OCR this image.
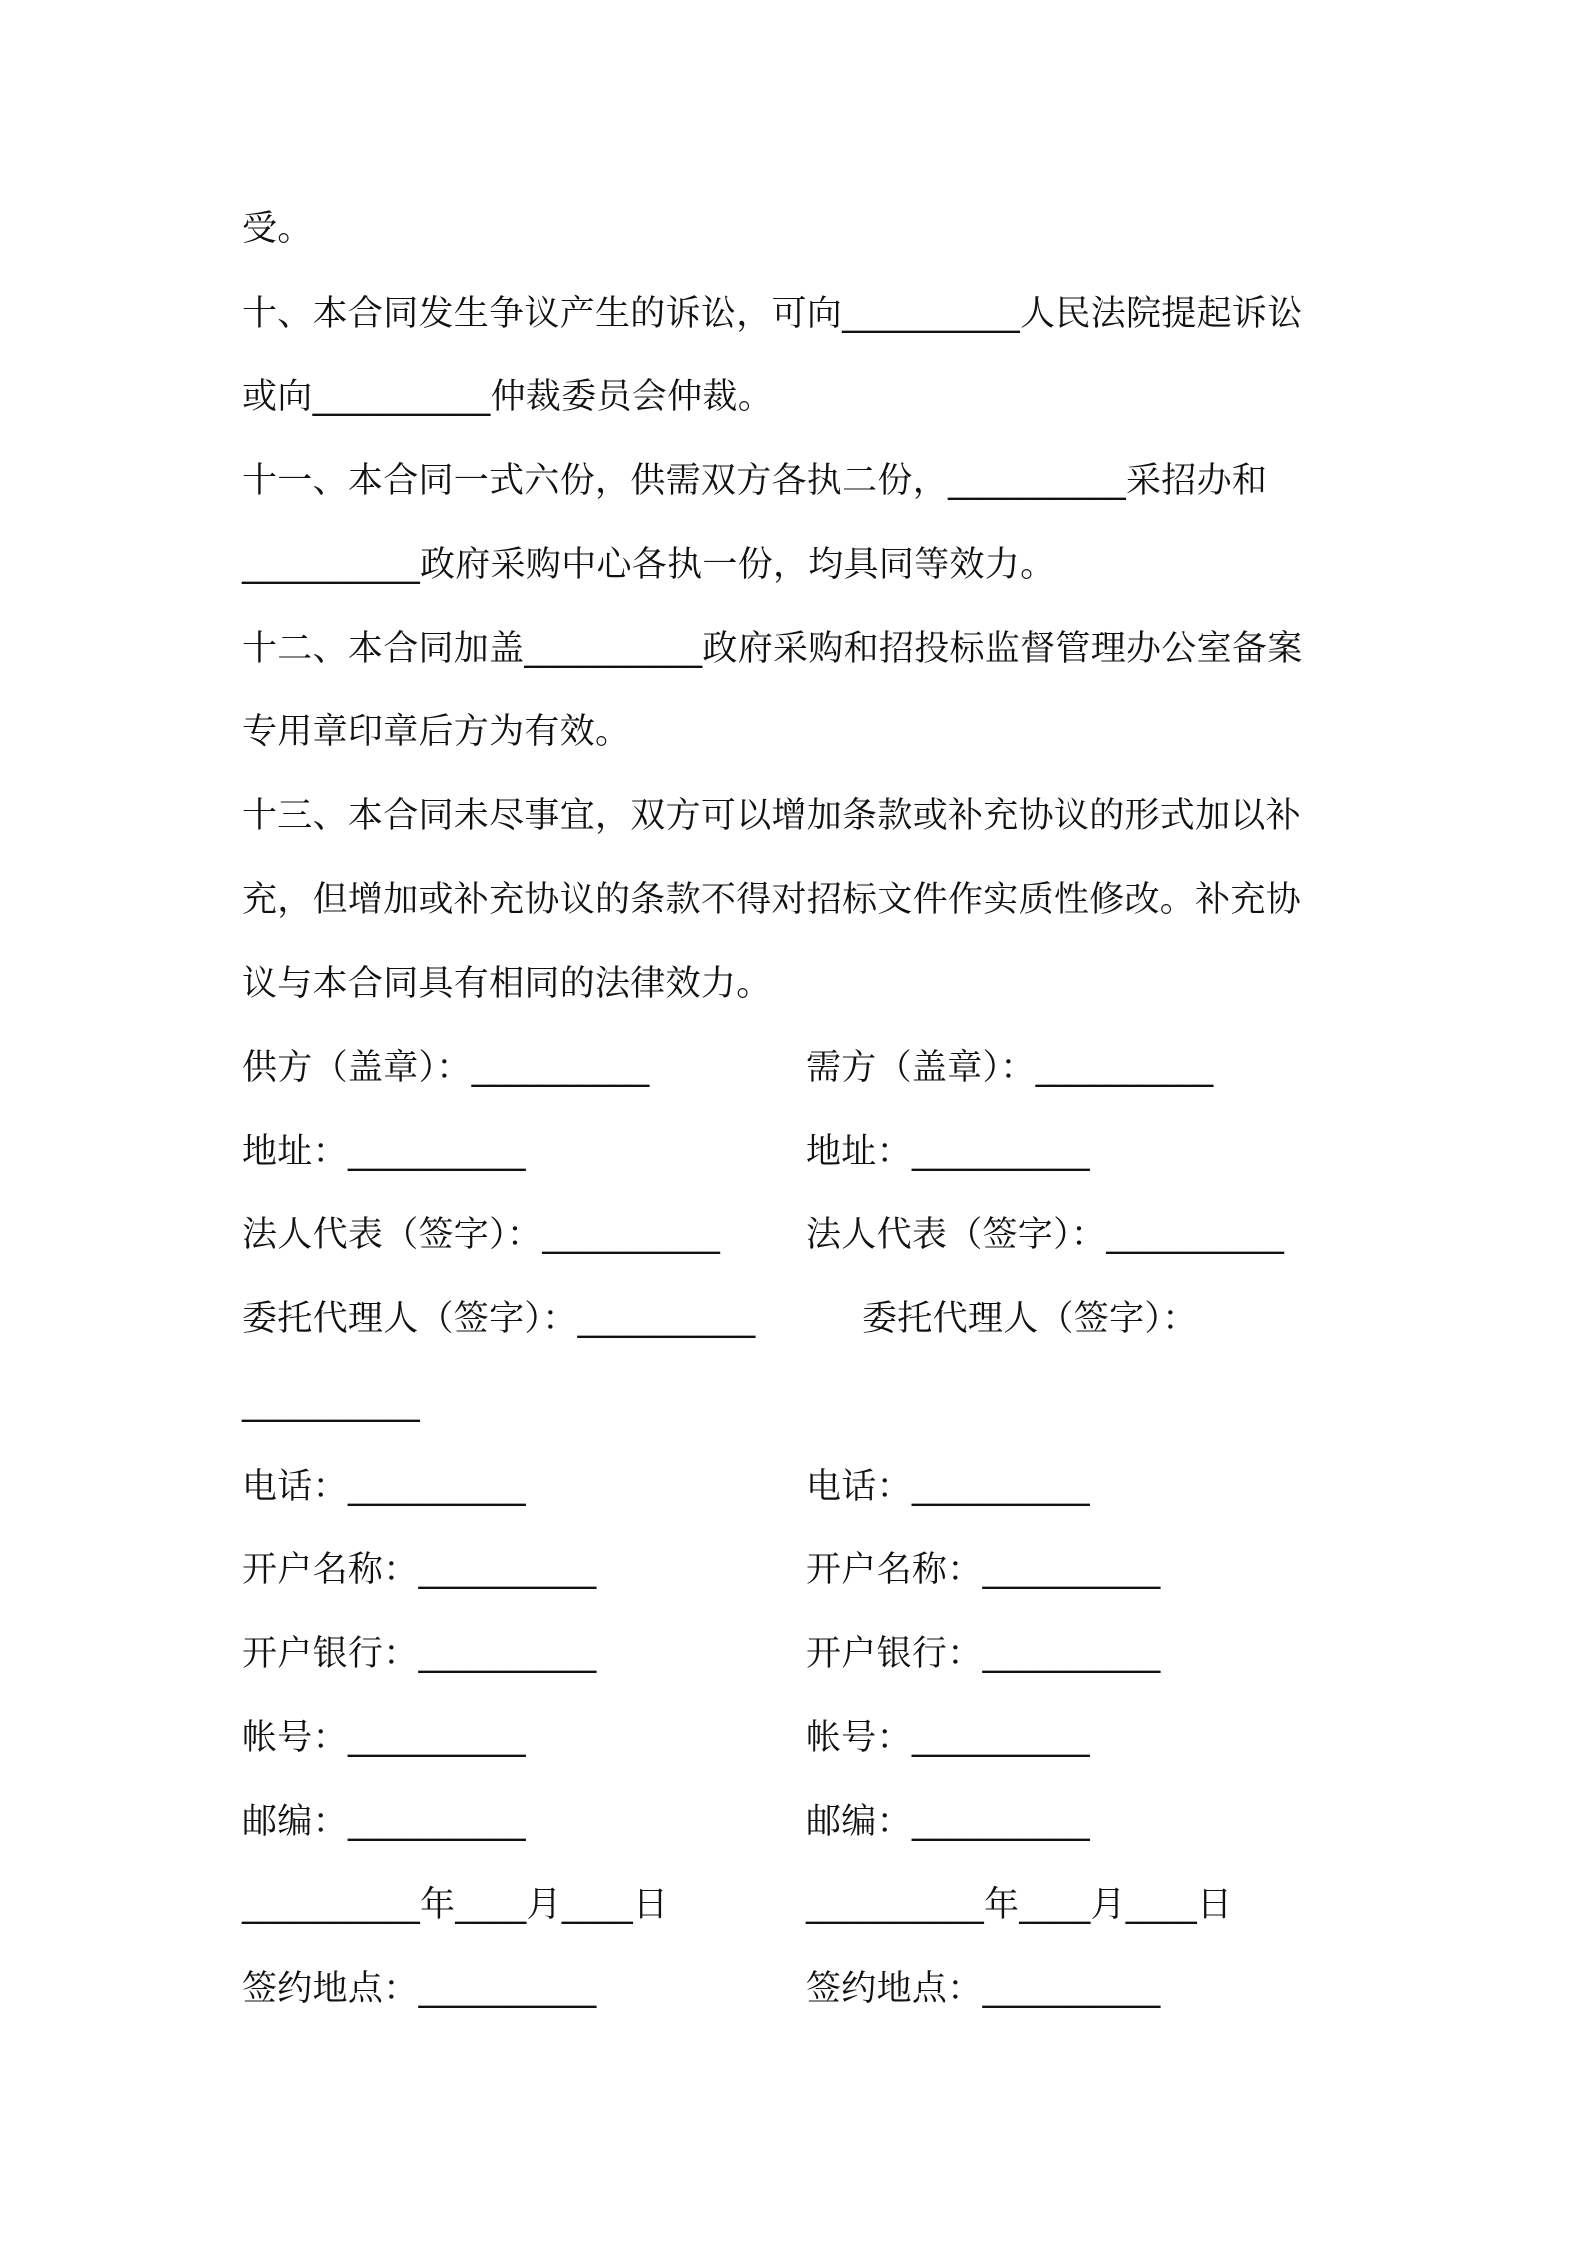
受。
十、本合同发生争议产生的诉讼，可向__________人民法院提起诉讼
或向__________仲裁委员会仲裁。
十一、本合同一式六份，供需双方各执二份，__________采招办和
__________政府采购中心各执一份，均具同等效力。
十二、本合同加盖__________政府采购和招投标监督管理办公室备案
专用章印章后方为有效。
十三、本合同未尽事宜，双方可以增加条款或补充协议的形式加以补
充，但增加或补充协议的条款不得对招标文件作实质性修改。补充协
议与本合同具有相同的法律效力。
供方（盖章）：__________	需方（盖章）：__________
地址：__________	地址：__________
法人代表（签字）：__________ 法人代表（签字）：__________
委托代理人（签字）：__________	委托代理人（签字）：
__________
电话：__________	电话：__________
开户名称：__________	开户名称：__________
开户银行：__________	开户银行：__________
帐号：__________	帐号：__________
邮编：__________	邮编：__________
__________年____月____日	__________年____月____日
签约地点：__________	签约地点：__________
